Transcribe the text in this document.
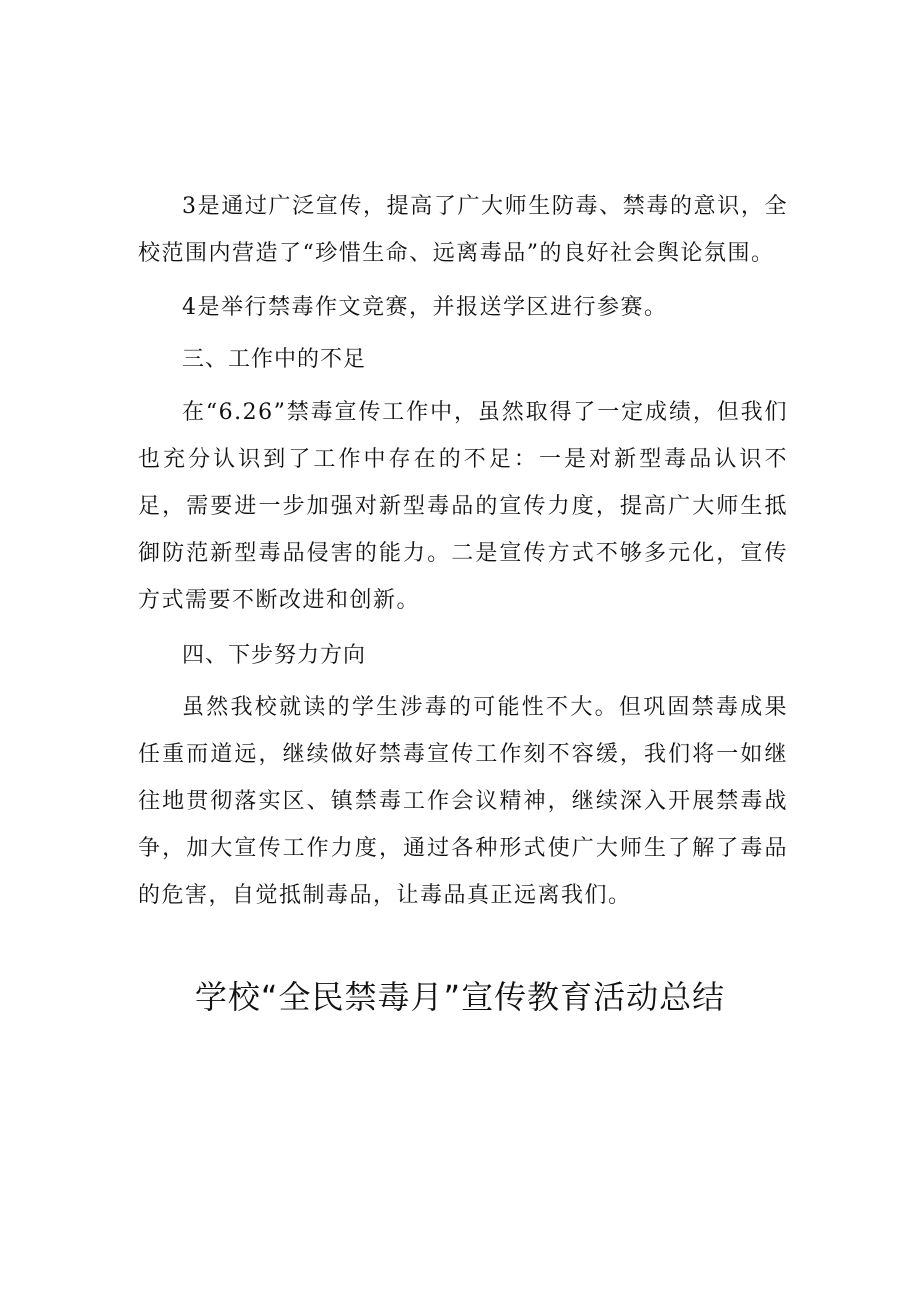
3是通过广泛宣传，提高了广大师生防毒、禁毒的意识，全校范围内营造了“珍惜生命、远离毒品”的良好社会舆论氛围。

4是举行禁毒作文竞赛，并报送学区进行参赛。

三、工作中的不足

在“6.26”禁毒宣传工作中，虽然取得了一定成绩，但我们也充分认识到了工作中存在的不足：一是对新型毒品认识不足，需要进一步加强对新型毒品的宣传力度，提高广大师生抵御防范新型毒品侵害的能力。二是宣传方式不够多元化，宣传方式需要不断改进和创新。

四、下步努力方向

虽然我校就读的学生涉毒的可能性不大。但巩固禁毒成果任重而道远，继续做好禁毒宣传工作刻不容缓，我们将一如继往地贯彻落实区、镇禁毒工作会议精神，继续深入开展禁毒战争，加大宣传工作力度，通过各种形式使广大师生了解了毒品的危害，自觉抵制毒品，让毒品真正远离我们。

学校“全民禁毒月”宣传教育活动总结
